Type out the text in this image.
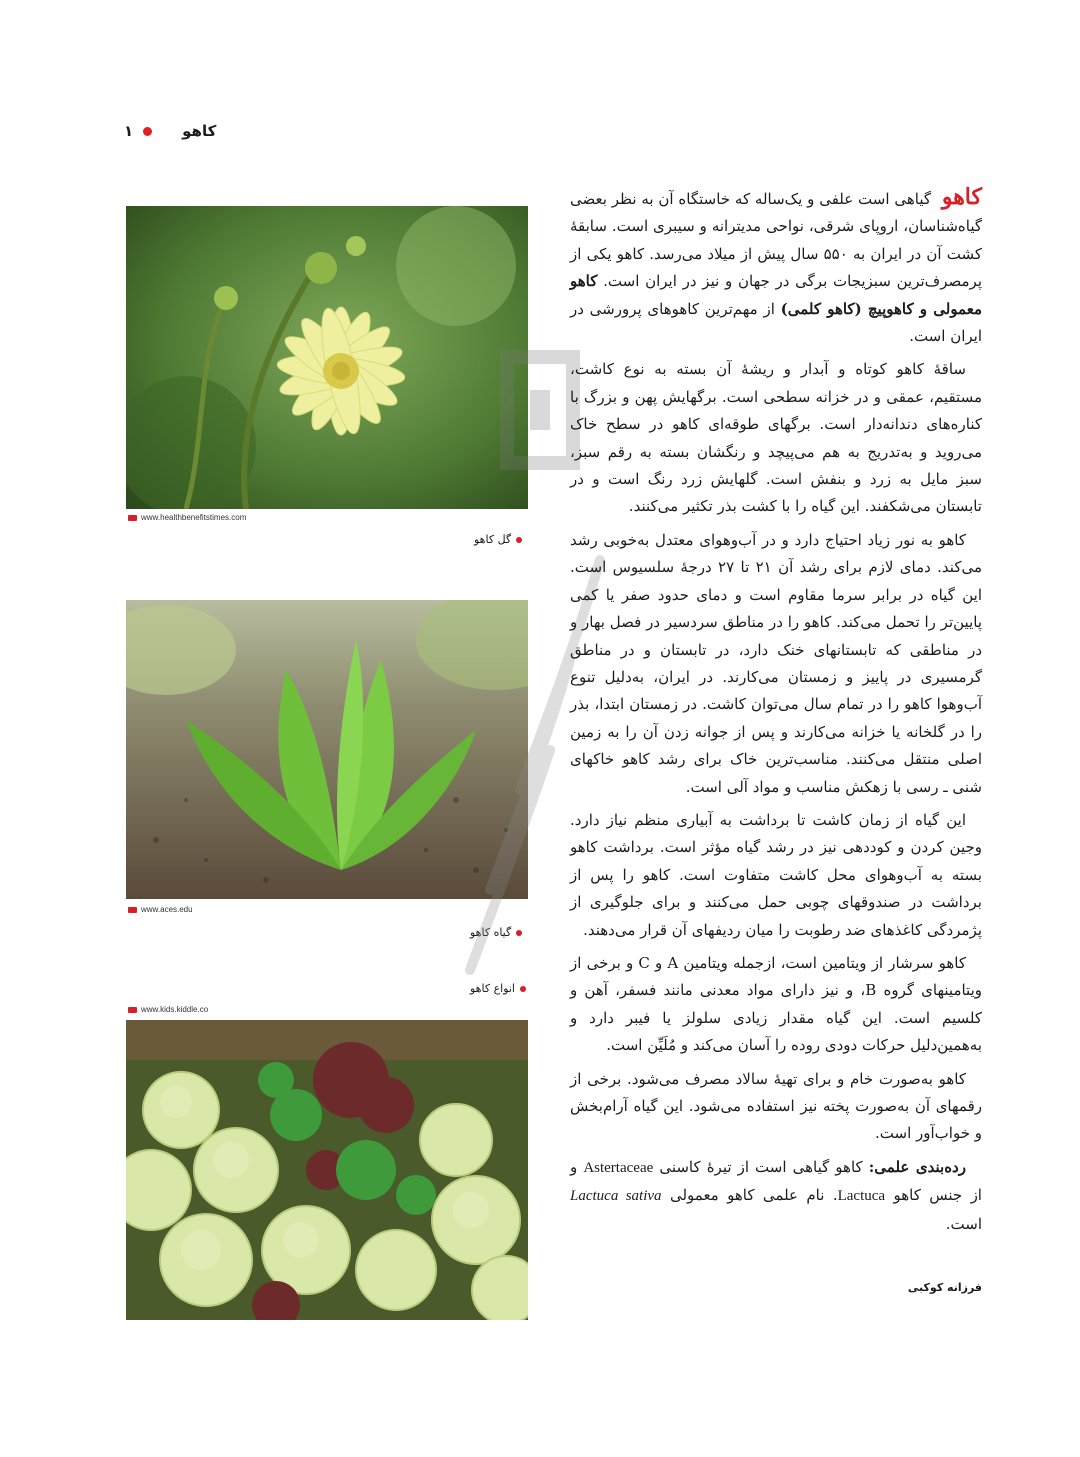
۱	کاهو
www.healthbenefitstimes.com
گل کاهو
www.aces.edu
گیاه کاهو
انواع کاهو
www.kids.kiddle.co

کاهو گیاهی است علفی و یک‌ساله که خاستگاه آن به نظر بعضی گیاه‌شناسان، اروپای شرقی، نواحی مدیترانه و سیبری است. سابقهٔ کشت آن در ایران به ۵۵۰ سال پیش از میلاد می‌رسد. کاهو یکی از پرمصرف‌ترین سبزیجات برگی در جهان و نیز در ایران است. کاهو معمولی و کاهوپیچ (کاهو کلمی) از مهم‌ترین کاهوهای پرورشی در ایران است.

ساقهٔ کاهو کوتاه و آبدار و ریشهٔ آن بسته به نوع کاشت، مستقیم، عمقی و در خزانه سطحی است. برگهایش پهن و بزرگ با کناره‌های دندانه‌دار است. برگهای طوقه‌ای کاهو در سطح خاک می‌روید و به‌تدریج به هم می‌پیچد و رنگشان بسته به رقم سبز، سبز مایل به زرد و بنفش است. گلهایش زرد رنگ است و در تابستان می‌شکفند. این گیاه را با کشت بذر تکثیر می‌کنند.

کاهو به نور زیاد احتیاج دارد و در آب‌وهوای معتدل به‌خوبی رشد می‌کند. دمای لازم برای رشد آن ۲۱ تا ۲۷ درجهٔ سلسیوس است. این گیاه در برابر سرما مقاوم است و دمای حدود صفر یا کمی پایین‌تر را تحمل می‌کند. کاهو را در مناطق سردسیر در فصل بهار و در مناطقی که تابستانهای خنک دارد، در تابستان و در مناطق گرمسیری در پاییز و زمستان می‌کارند. در ایران، به‌دلیل تنوع آب‌وهوا کاهو را در تمام سال می‌توان کاشت. در زمستان ابتدا، بذر را در گلخانه یا خزانه می‌کارند و پس از جوانه زدن آن را به زمین اصلی منتقل می‌کنند. مناسب‌ترین خاک برای رشد کاهو خاکهای شنی ـ رسی با زهکش مناسب و مواد آلی است.

این گیاه از زمان کاشت تا برداشت به آبیاری منظم نیاز دارد. وجین کردن و کوددهی نیز در رشد گیاه مؤثر است. برداشت کاهو بسته به آب‌وهوای محل کاشت متفاوت است. کاهو را پس از برداشت در صندوقهای چوبی حمل می‌کنند و برای جلوگیری از پژمردگی کاغذهای ضد رطوبت را میان ردیفهای آن قرار می‌دهند.

کاهو سرشار از ویتامین است، ازجمله ویتامین A و C و برخی از ویتامینهای گروه B، و نیز دارای مواد معدنی مانند فسفر، آهن و کلسیم است. این گیاه مقدار زیادی سلولز یا فیبر دارد و به‌همین‌دلیل حرکات دودی روده را آسان می‌کند و مُلَیِّن است.

کاهو به‌صورت خام و برای تهیهٔ سالاد مصرف می‌شود. برخی از رقمهای آن به‌صورت پخته نیز استفاده می‌شود. این گیاه آرام‌بخش و خواب‌آور است.

رده‌بندی علمی: کاهو گیاهی است از تیرهٔ کاسنی Astertaceae و از جنس کاهو Lactuca. نام علمی کاهو معمولی Lactuca sativa است.

فرزانه کوکبی
